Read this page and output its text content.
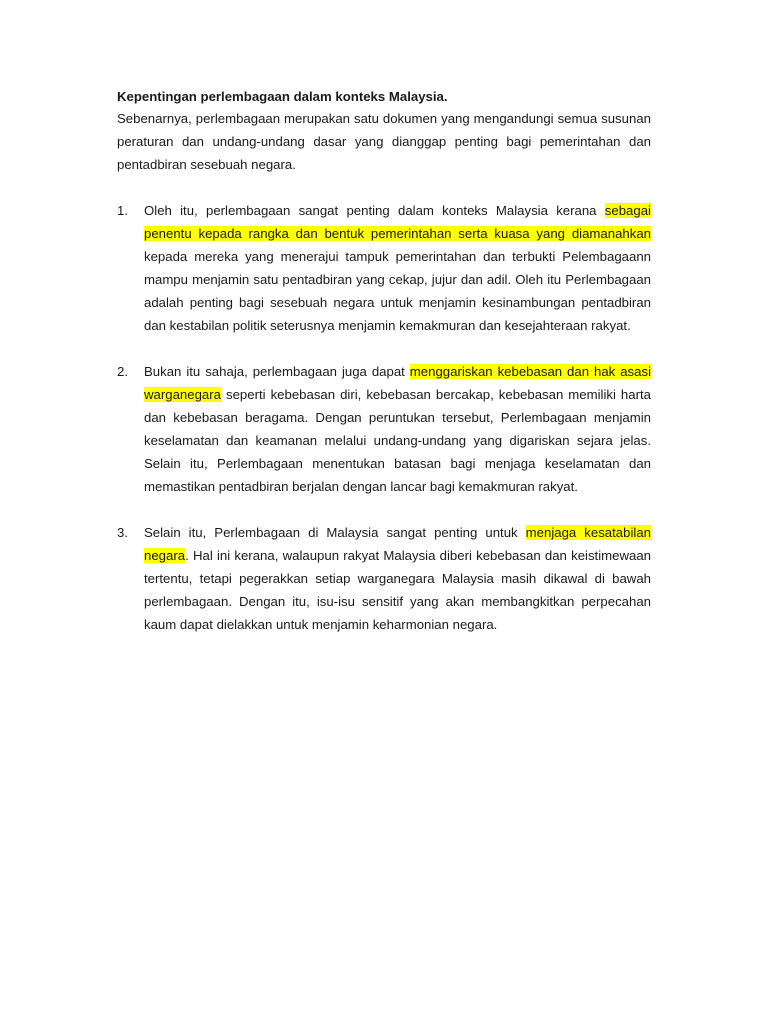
Kepentingan perlembagaan dalam konteks Malaysia.

Sebenarnya, perlembagaan merupakan satu dokumen yang mengandungi semua susunan peraturan dan undang-undang dasar yang dianggap penting bagi pemerintahan dan pentadbiran sesebuah negara.

1. Oleh itu, perlembagaan sangat penting dalam konteks Malaysia kerana sebagai penentu kepada rangka dan bentuk pemerintahan serta kuasa yang diamanahkan kepada mereka yang menerajui tampuk pemerintahan dan terbukti Pelembagaann mampu menjamin satu pentadbiran yang cekap, jujur dan adil. Oleh itu Perlembagaan adalah penting bagi sesebuah negara untuk menjamin kesinambungan pentadbiran dan kestabilan politik seterusnya menjamin kemakmuran dan kesejahteraan rakyat.
2. Bukan itu sahaja, perlembagaan juga dapat menggariskan kebebasan dan hak asasi warganegara seperti kebebasan diri, kebebasan bercakap, kebebasan memiliki harta dan kebebasan beragama. Dengan peruntukan tersebut, Perlembagaan menjamin keselamatan dan keamanan melalui undang-undang yang digariskan sejara jelas. Selain itu, Perlembagaan menentukan batasan bagi menjaga keselamatan dan memastikan pentadbiran berjalan dengan lancar bagi kemakmuran rakyat.
3. Selain itu, Perlembagaan di Malaysia sangat penting untuk menjaga kesatabilan negara. Hal ini kerana, walaupun rakyat Malaysia diberi kebebasan dan keistimewaan tertentu, tetapi pegerakkan setiap warganegara Malaysia masih dikawal di bawah perlembagaan. Dengan itu, isu-isu sensitif yang akan membangkitkan perpecahan kaum dapat dielakkan untuk menjamin keharmonian negara.
